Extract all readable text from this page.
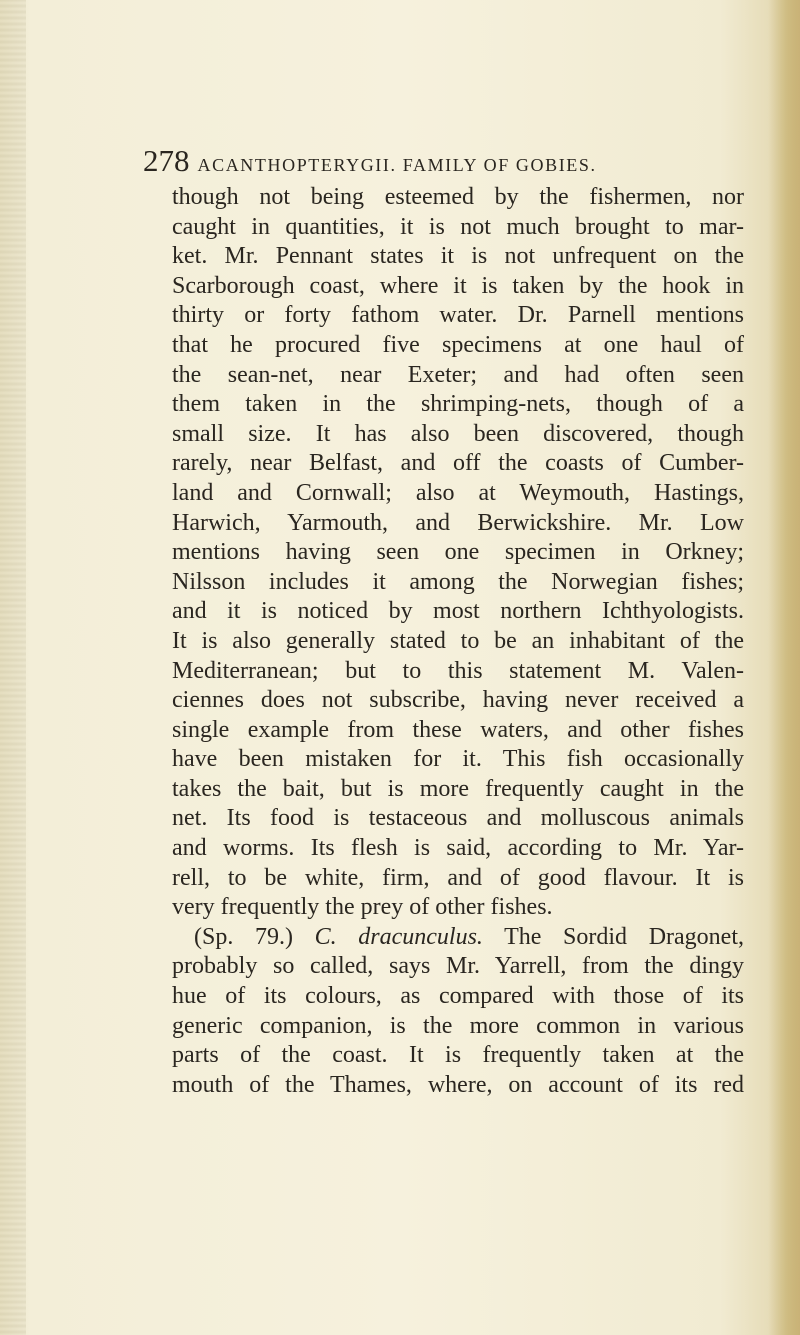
278 ACANTHOPTERYGII. FAMILY OF GOBIES.
though not being esteemed by the fishermen, nor
caught in quantities, it is not much brought to mar-
ket. Mr. Pennant states it is not unfrequent on the
Scarborough coast, where it is taken by the hook in
thirty or forty fathom water. Dr. Parnell mentions
that he procured five specimens at one haul of
the sean-net, near Exeter; and had often seen
them taken in the shrimping-nets, though of a
small size. It has also been discovered, though
rarely, near Belfast, and off the coasts of Cumber-
land and Cornwall; also at Weymouth, Hastings,
Harwich, Yarmouth, and Berwickshire. Mr. Low
mentions having seen one specimen in Orkney;
Nilsson includes it among the Norwegian fishes;
and it is noticed by most northern Ichthyologists.
It is also generally stated to be an inhabitant of the
Mediterranean; but to this statement M. Valen-
ciennes does not subscribe, having never received a
single example from these waters, and other fishes
have been mistaken for it. This fish occasionally
takes the bait, but is more frequently caught in the
net. Its food is testaceous and molluscous animals
and worms. Its flesh is said, according to Mr. Yar-
rell, to be white, firm, and of good flavour. It is
very frequently the prey of other fishes.
(Sp. 79.) C. dracunculus. The Sordid Dragonet,
probably so called, says Mr. Yarrell, from the dingy
hue of its colours, as compared with those of its
generic companion, is the more common in various
parts of the coast. It is frequently taken at the
mouth of the Thames, where, on account of its red
